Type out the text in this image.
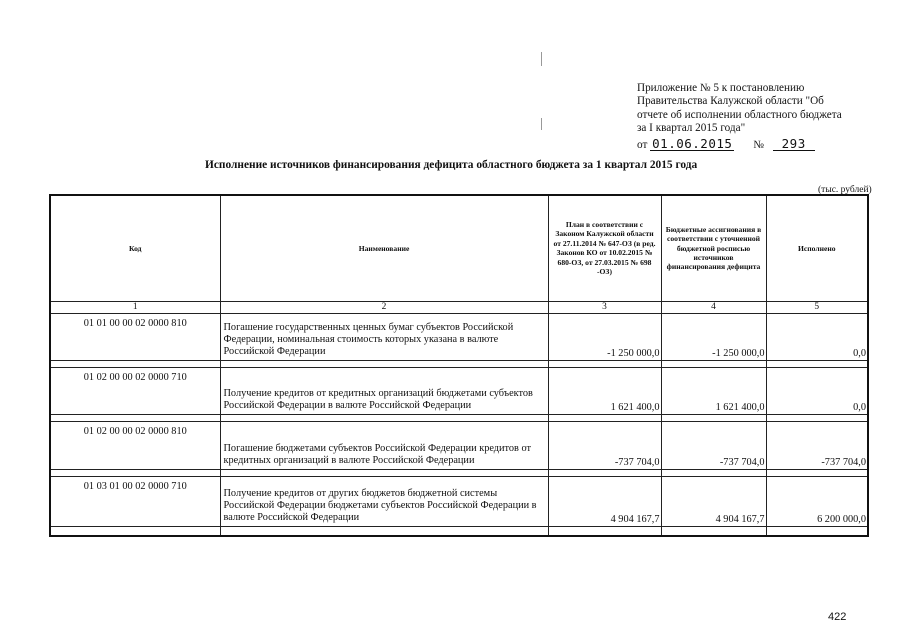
Приложение № 5 к постановлению
Правительства Калужской области "Об
отчете об исполнении областного бюджета
за I квартал 2015 года"
от 01.06.2015 № 293
Исполнение источников финансирования дефицита областного бюджета за 1 квартал 2015 года
(тыс. рублей)
Код	Наименование	План в соответствии с Законом Калужской области от 27.11.2014 № 647-ОЗ (в ред. Законов КО от 10.02.2015 № 680-ОЗ, от 27.03.2015 № 698 -ОЗ)	Бюджетные ассигнования в соответствии с уточненной бюджетной росписью источников финансирования дефицита	Исполнено
1	2	3	4	5
01 01 00 00 02 0000 810	Погашение государственных ценных бумаг субъектов Российской Федерации, номинальная стоимость которых указана в валюте Российской Федерации	-1 250 000,0	-1 250 000,0	0,0

01 02 00 00 02 0000 710	Получение кредитов от кредитных организаций бюджетами субъектов Российской Федерации в валюте Российской Федерации	1 621 400,0	1 621 400,0	0,0

01 02 00 00 02 0000 810	Погашение бюджетами субъектов Российской Федерации кредитов от кредитных организаций в валюте Российской Федерации	-737 704,0	-737 704,0	-737 704,0

01 03 01 00 02 0000 710	Получение кредитов от других бюджетов бюджетной системы Российской Федерации бюджетами субъектов Российской Федерации в валюте Российской Федерации	4 904 167,7	4 904 167,7	6 200 000,0

422
